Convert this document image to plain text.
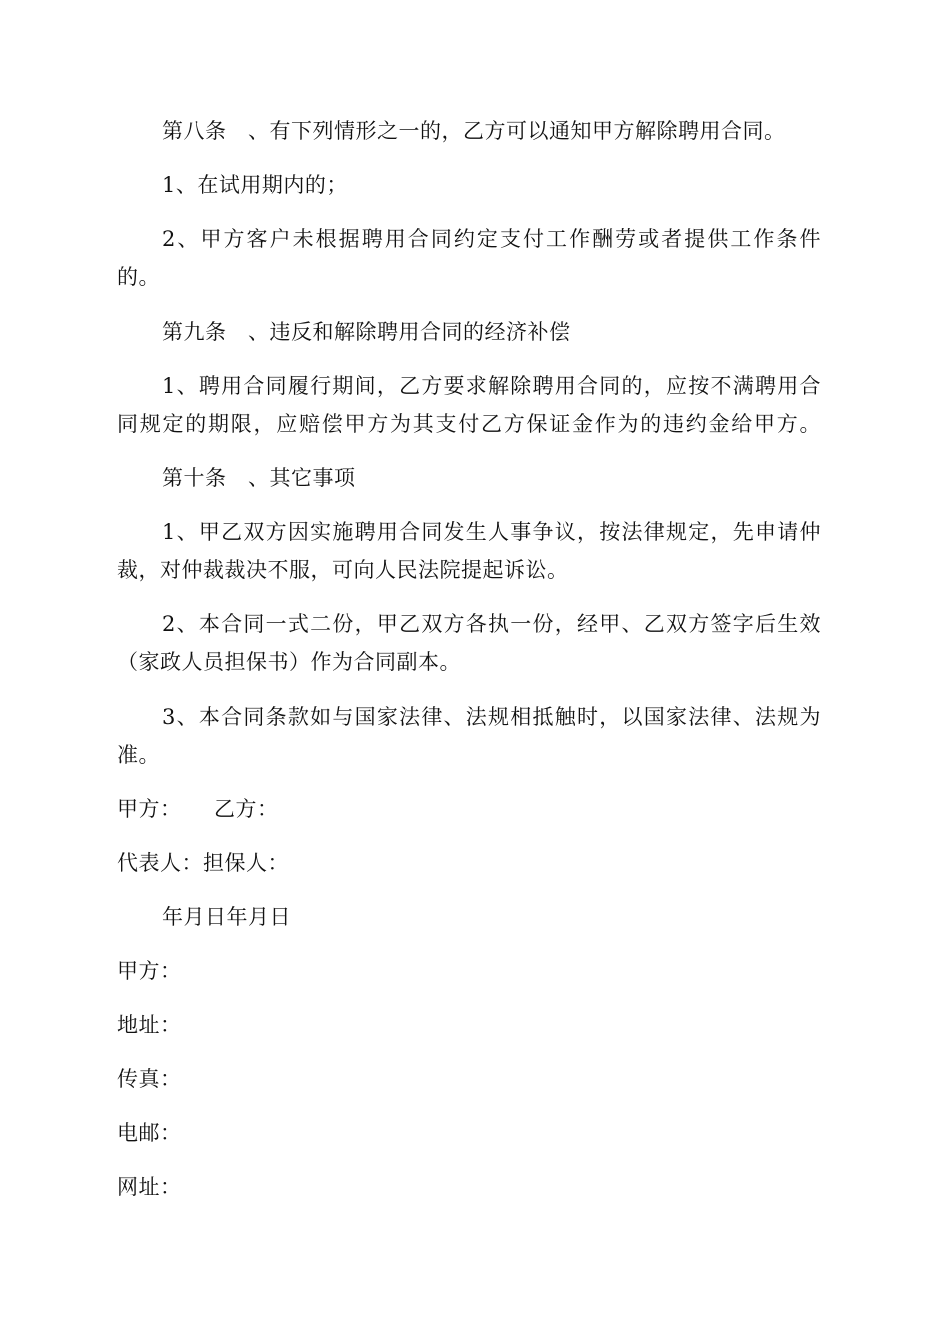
第八条　、有下列情形之一的，乙方可以通知甲方解除聘用合同。
1、在试用期内的；
2、甲方客户未根据聘用合同约定支付工作酬劳或者提供工作条件
的。
第九条　、违反和解除聘用合同的经济补偿
1、聘用合同履行期间，乙方要求解除聘用合同的，应按不满聘用合
同规定的期限，应赔偿甲方为其支付乙方保证金作为的违约金给甲方。
第十条　、其它事项
1、甲乙双方因实施聘用合同发生人事争议，按法律规定，先申请仲
裁，对仲裁裁决不服，可向人民法院提起诉讼。
2、本合同一式二份，甲乙双方各执一份，经甲、乙双方签字后生效
（家政人员担保书）作为合同副本。
3、本合同条款如与国家法律、法规相抵触时，以国家法律、法规为
准。
甲方：　　乙方：
代表人：担保人：
年月日年月日
甲方：
地址：
传真：
电邮：
网址：
